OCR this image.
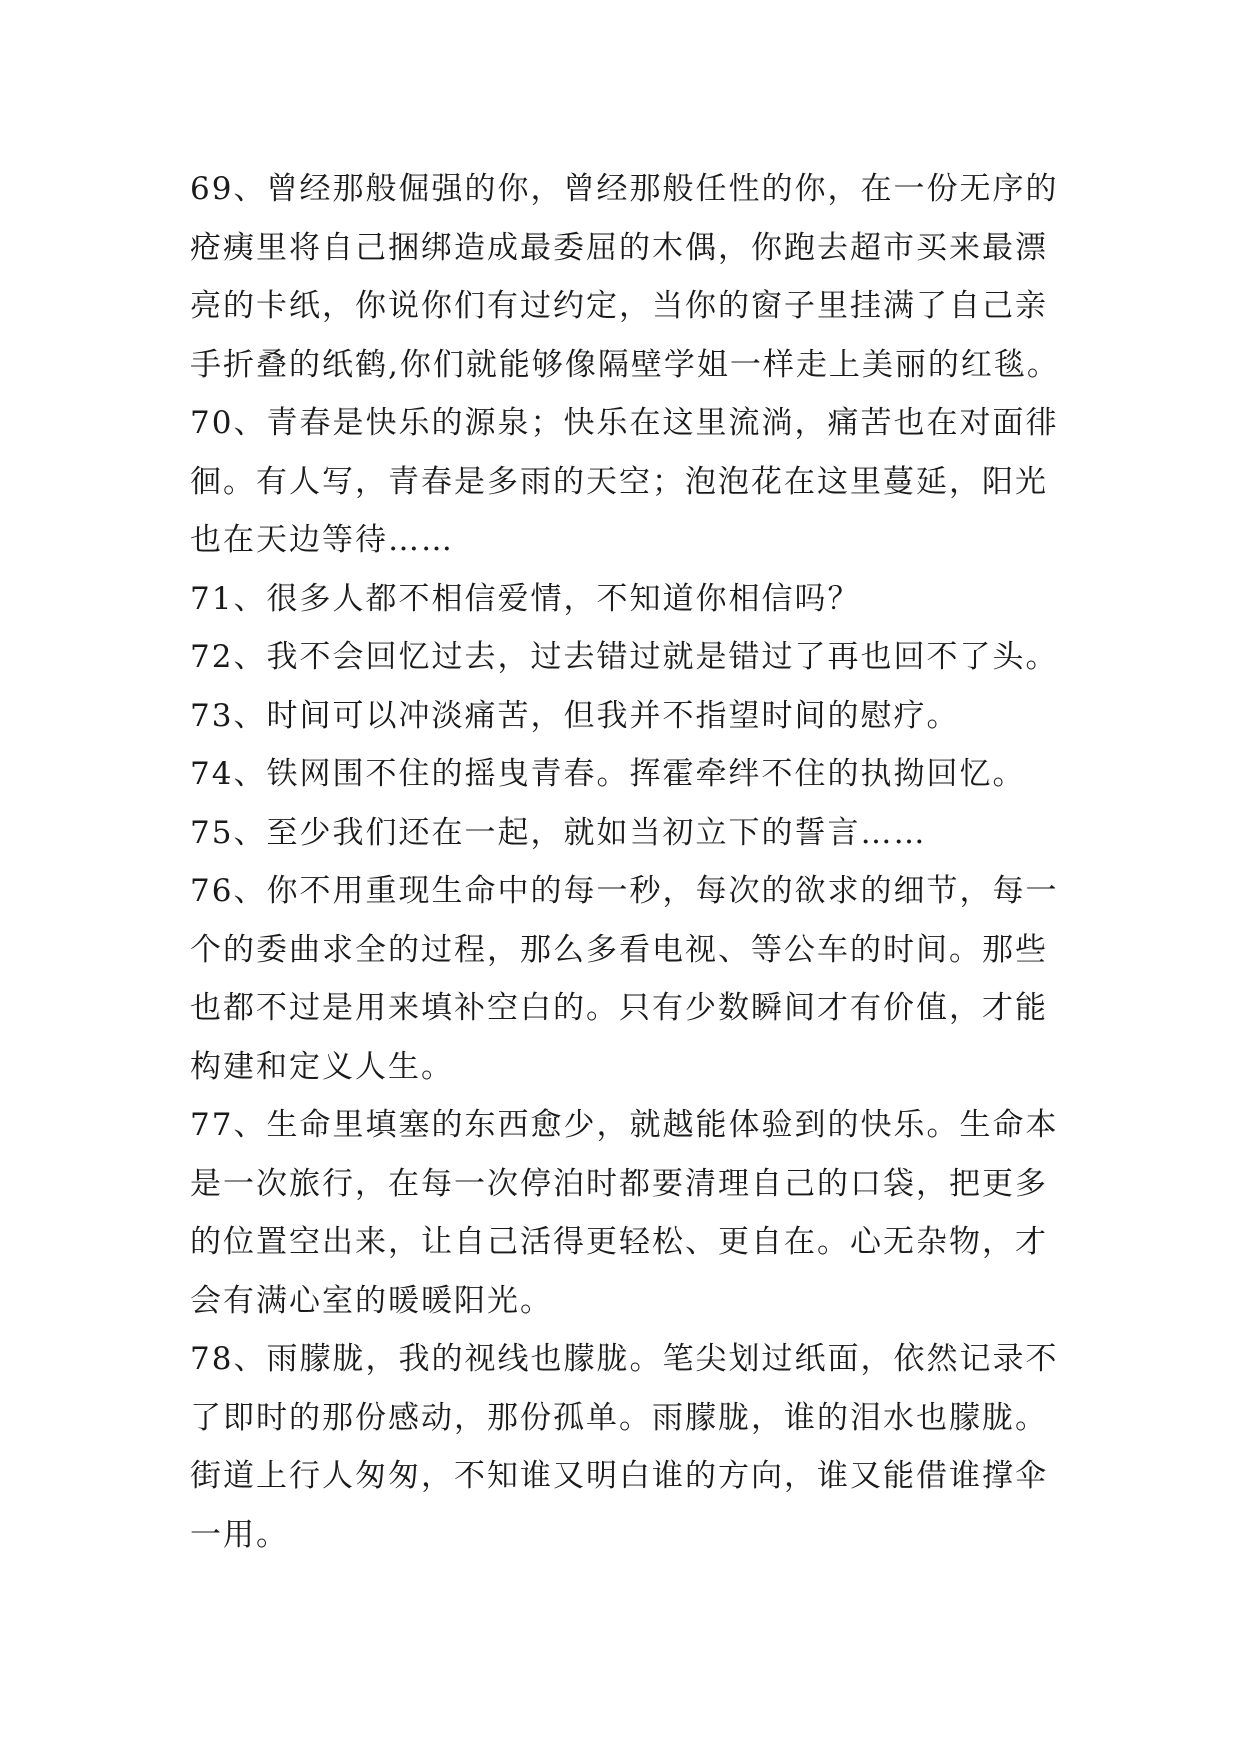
69、曾经那般倔强的你，曾经那般任性的你，在一份无序的
疮痍里将自己捆绑造成最委屈的木偶，你跑去超市买来最漂
亮的卡纸，你说你们有过约定，当你的窗子里挂满了自己亲
手折叠的纸鹤,你们就能够像隔壁学姐一样走上美丽的红毯。

70、青春是快乐的源泉；快乐在这里流淌，痛苦也在对面徘
徊。有人写，青春是多雨的天空；泡泡花在这里蔓延，阳光
也在天边等待……

71、很多人都不相信爱情，不知道你相信吗？

72、我不会回忆过去，过去错过就是错过了再也回不了头。

73、时间可以冲淡痛苦，但我并不指望时间的慰疗。

74、铁网围不住的摇曳青春。挥霍牵绊不住的执拗回忆。

75、至少我们还在一起，就如当初立下的誓言……

76、你不用重现生命中的每一秒，每次的欲求的细节，每一
个的委曲求全的过程，那么多看电视、等公车的时间。那些
也都不过是用来填补空白的。只有少数瞬间才有价值，才能
构建和定义人生。

77、生命里填塞的东西愈少，就越能体验到的快乐。生命本
是一次旅行，在每一次停泊时都要清理自己的口袋，把更多
的位置空出来，让自己活得更轻松、更自在。心无杂物，才
会有满心室的暖暖阳光。

78、雨朦胧，我的视线也朦胧。笔尖划过纸面，依然记录不
了即时的那份感动，那份孤单。雨朦胧，谁的泪水也朦胧。
街道上行人匆匆，不知谁又明白谁的方向，谁又能借谁撑伞
一用。
